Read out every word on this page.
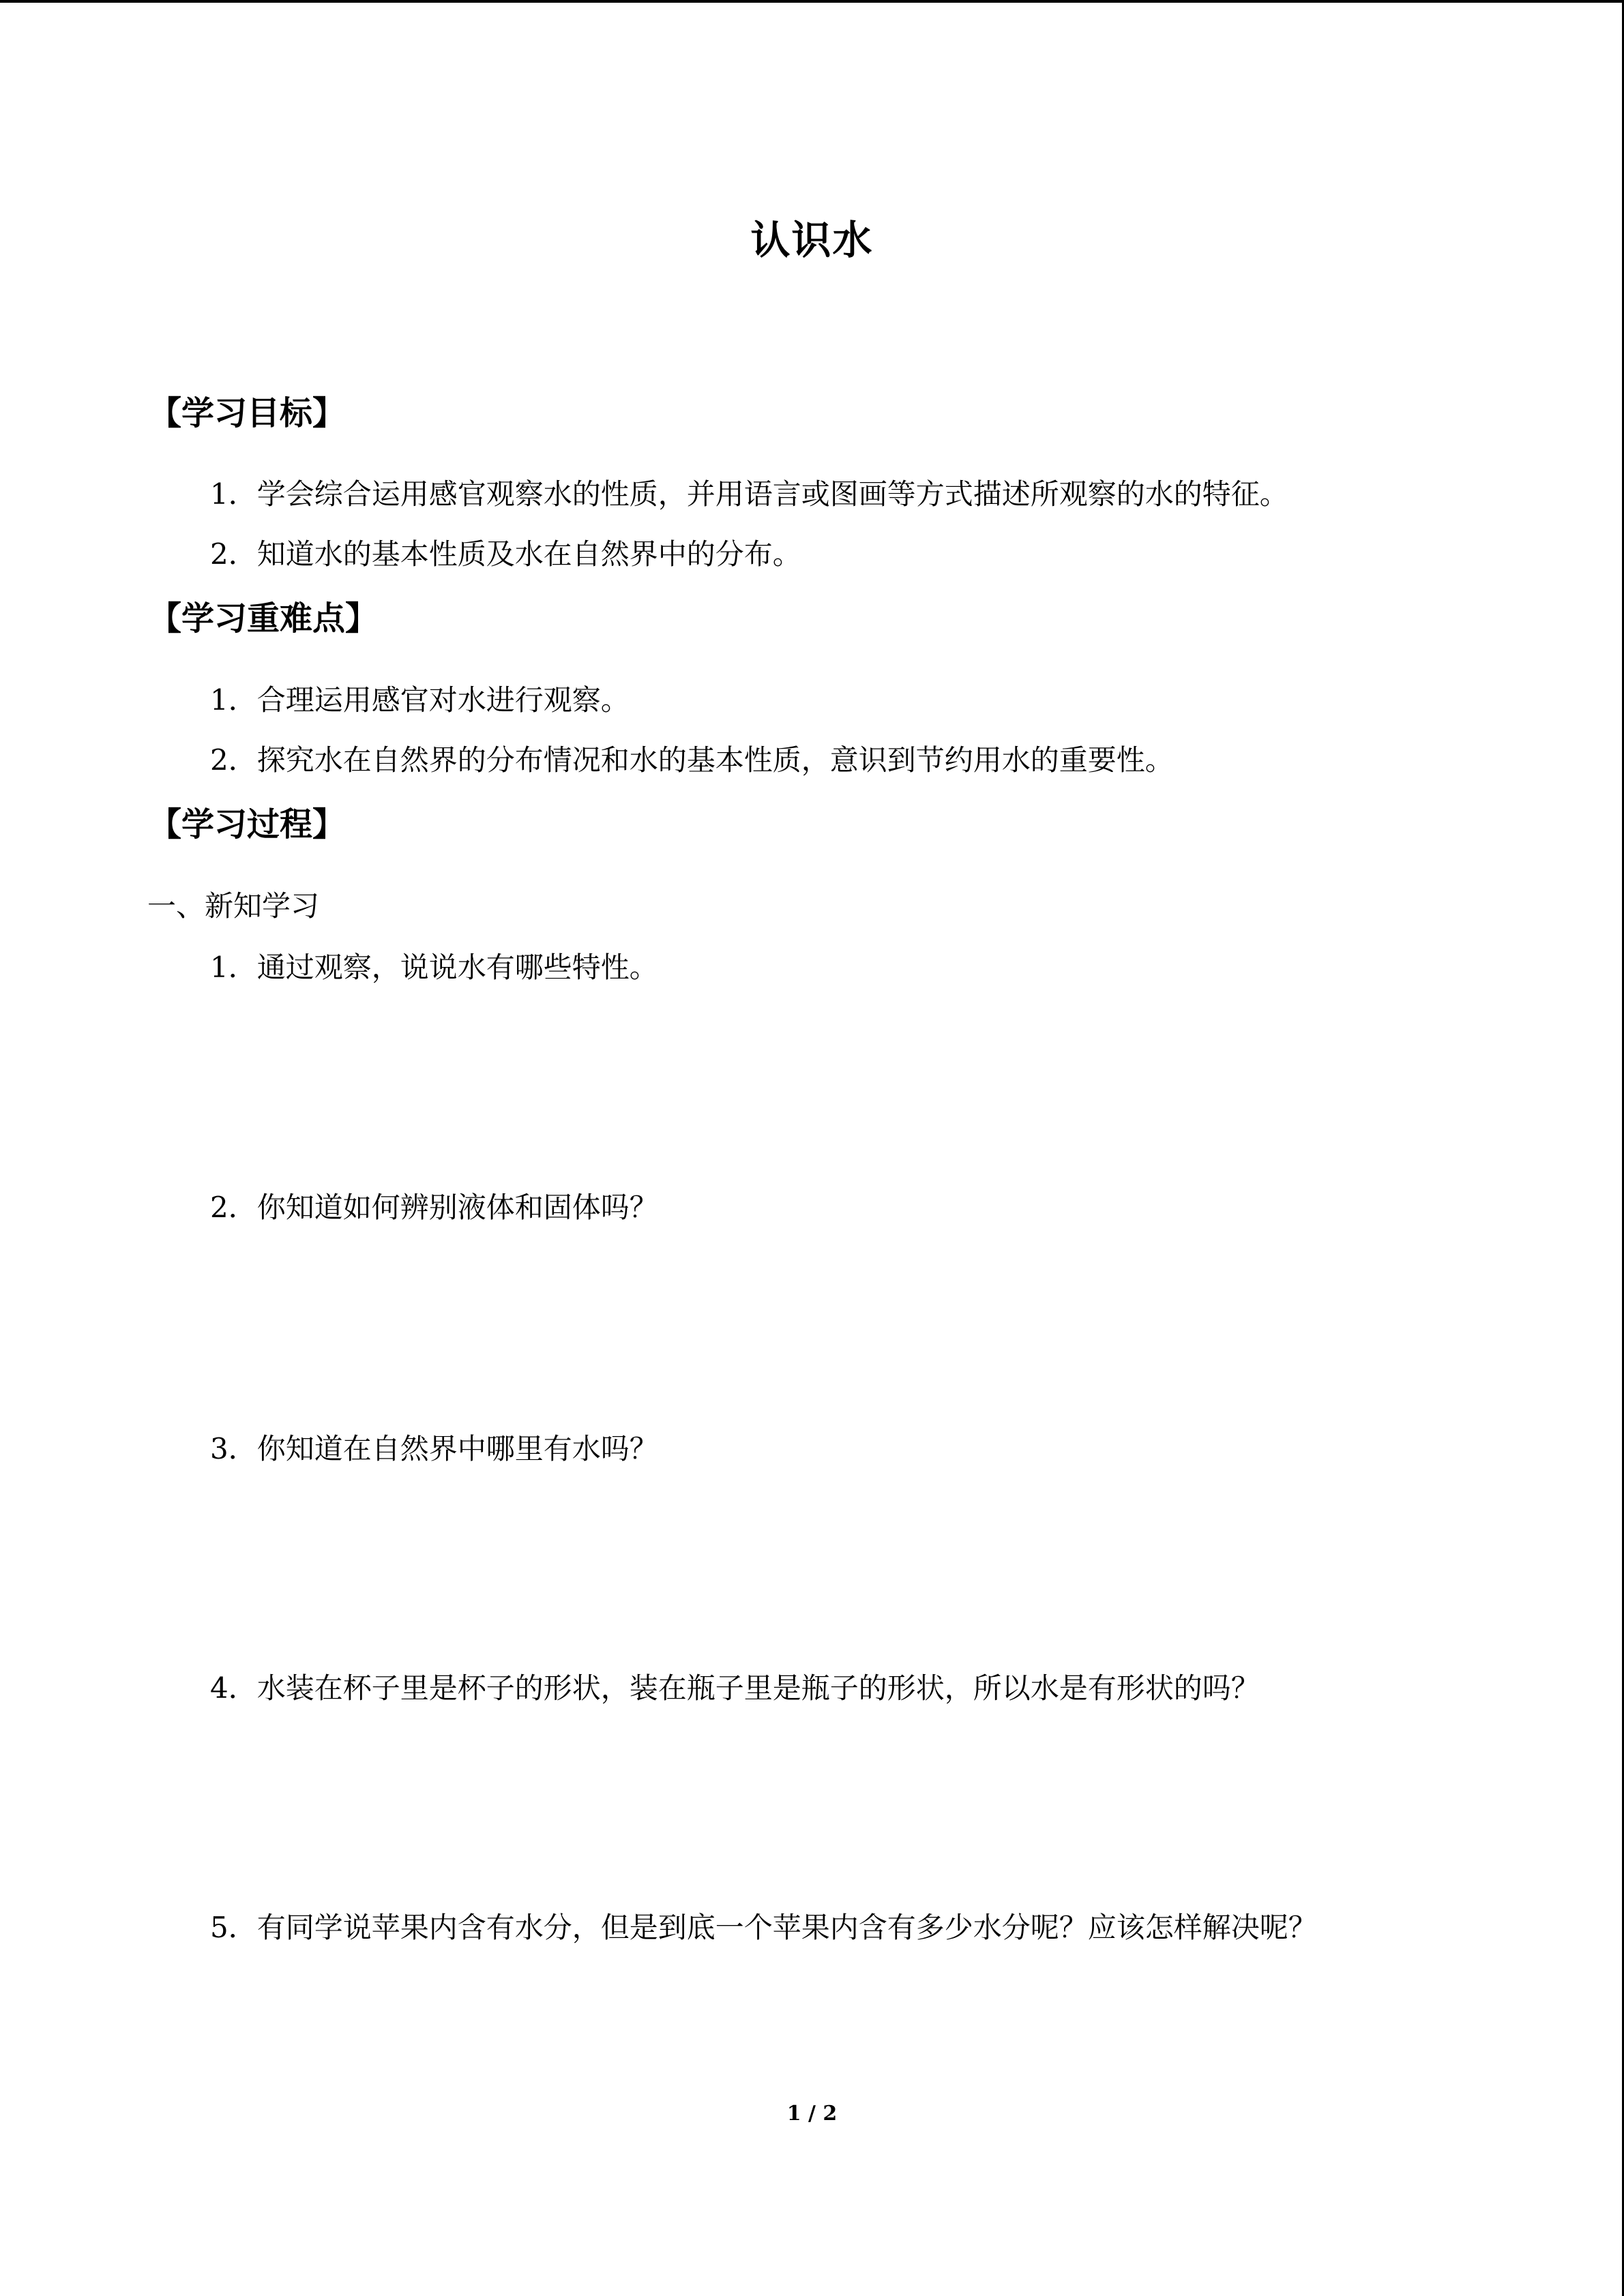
认识水
【学习目标】
1．学会综合运用感官观察水的性质，并用语言或图画等方式描述所观察的水的特征。
2．知道水的基本性质及水在自然界中的分布。
【学习重难点】
1．合理运用感官对水进行观察。
2．探究水在自然界的分布情况和水的基本性质，意识到节约用水的重要性。
【学习过程】
一、新知学习
1．通过观察，说说水有哪些特性。
2．你知道如何辨别液体和固体吗？
3．你知道在自然界中哪里有水吗？
4．水装在杯子里是杯子的形状，装在瓶子里是瓶子的形状，所以水是有形状的吗？
5．有同学说苹果内含有水分，但是到底一个苹果内含有多少水分呢？应该怎样解决呢？
1 / 2
